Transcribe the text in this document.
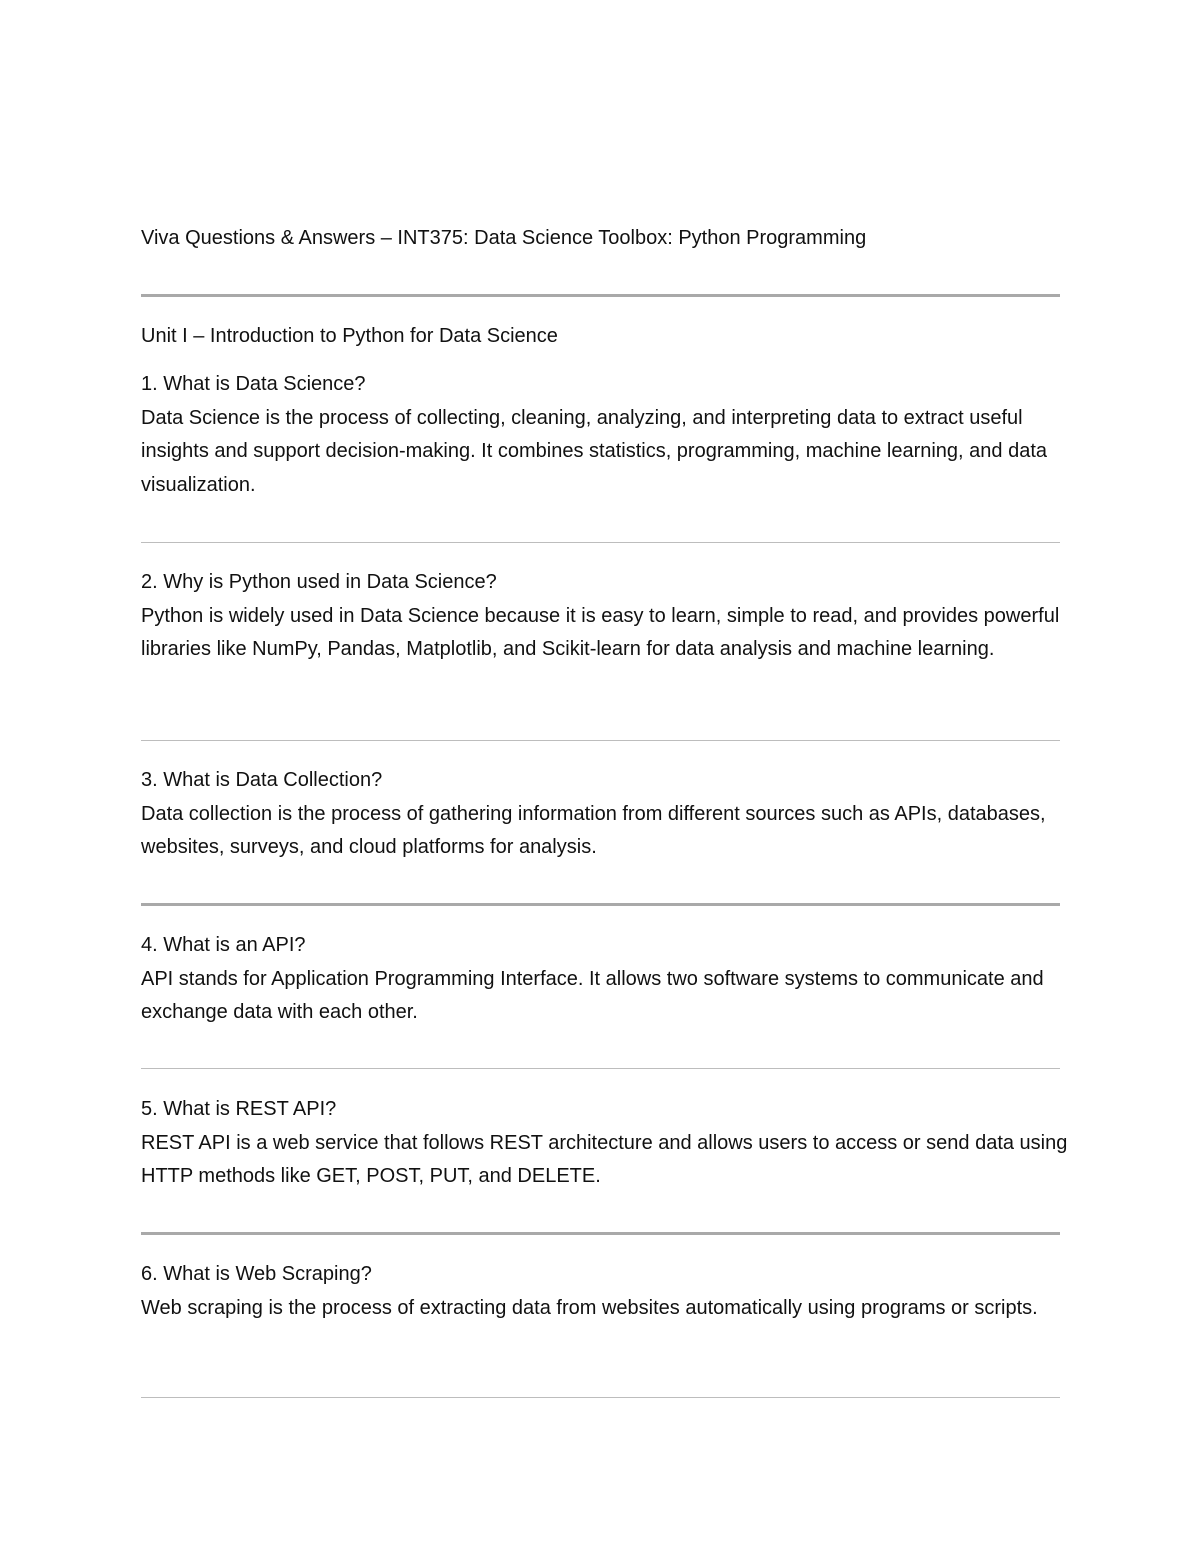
Viva Questions & Answers – INT375: Data Science Toolbox: Python Programming
Unit I – Introduction to Python for Data Science

1. What is Data Science?

Data Science is the process of collecting, cleaning, analyzing, and interpreting data to extract useful insights and support decision-making. It combines statistics, programming, machine learning, and data visualization.

2. Why is Python used in Data Science?

Python is widely used in Data Science because it is easy to learn, simple to read, and provides powerful libraries like NumPy, Pandas, Matplotlib, and Scikit-learn for data analysis and machine learning.

3. What is Data Collection?

Data collection is the process of gathering information from different sources such as APIs, databases, websites, surveys, and cloud platforms for analysis.

4. What is an API?

API stands for Application Programming Interface. It allows two software systems to communicate and exchange data with each other.

5. What is REST API?

REST API is a web service that follows REST architecture and allows users to access or send data using HTTP methods like GET, POST, PUT, and DELETE.

6. What is Web Scraping?

Web scraping is the process of extracting data from websites automatically using programs or scripts.
